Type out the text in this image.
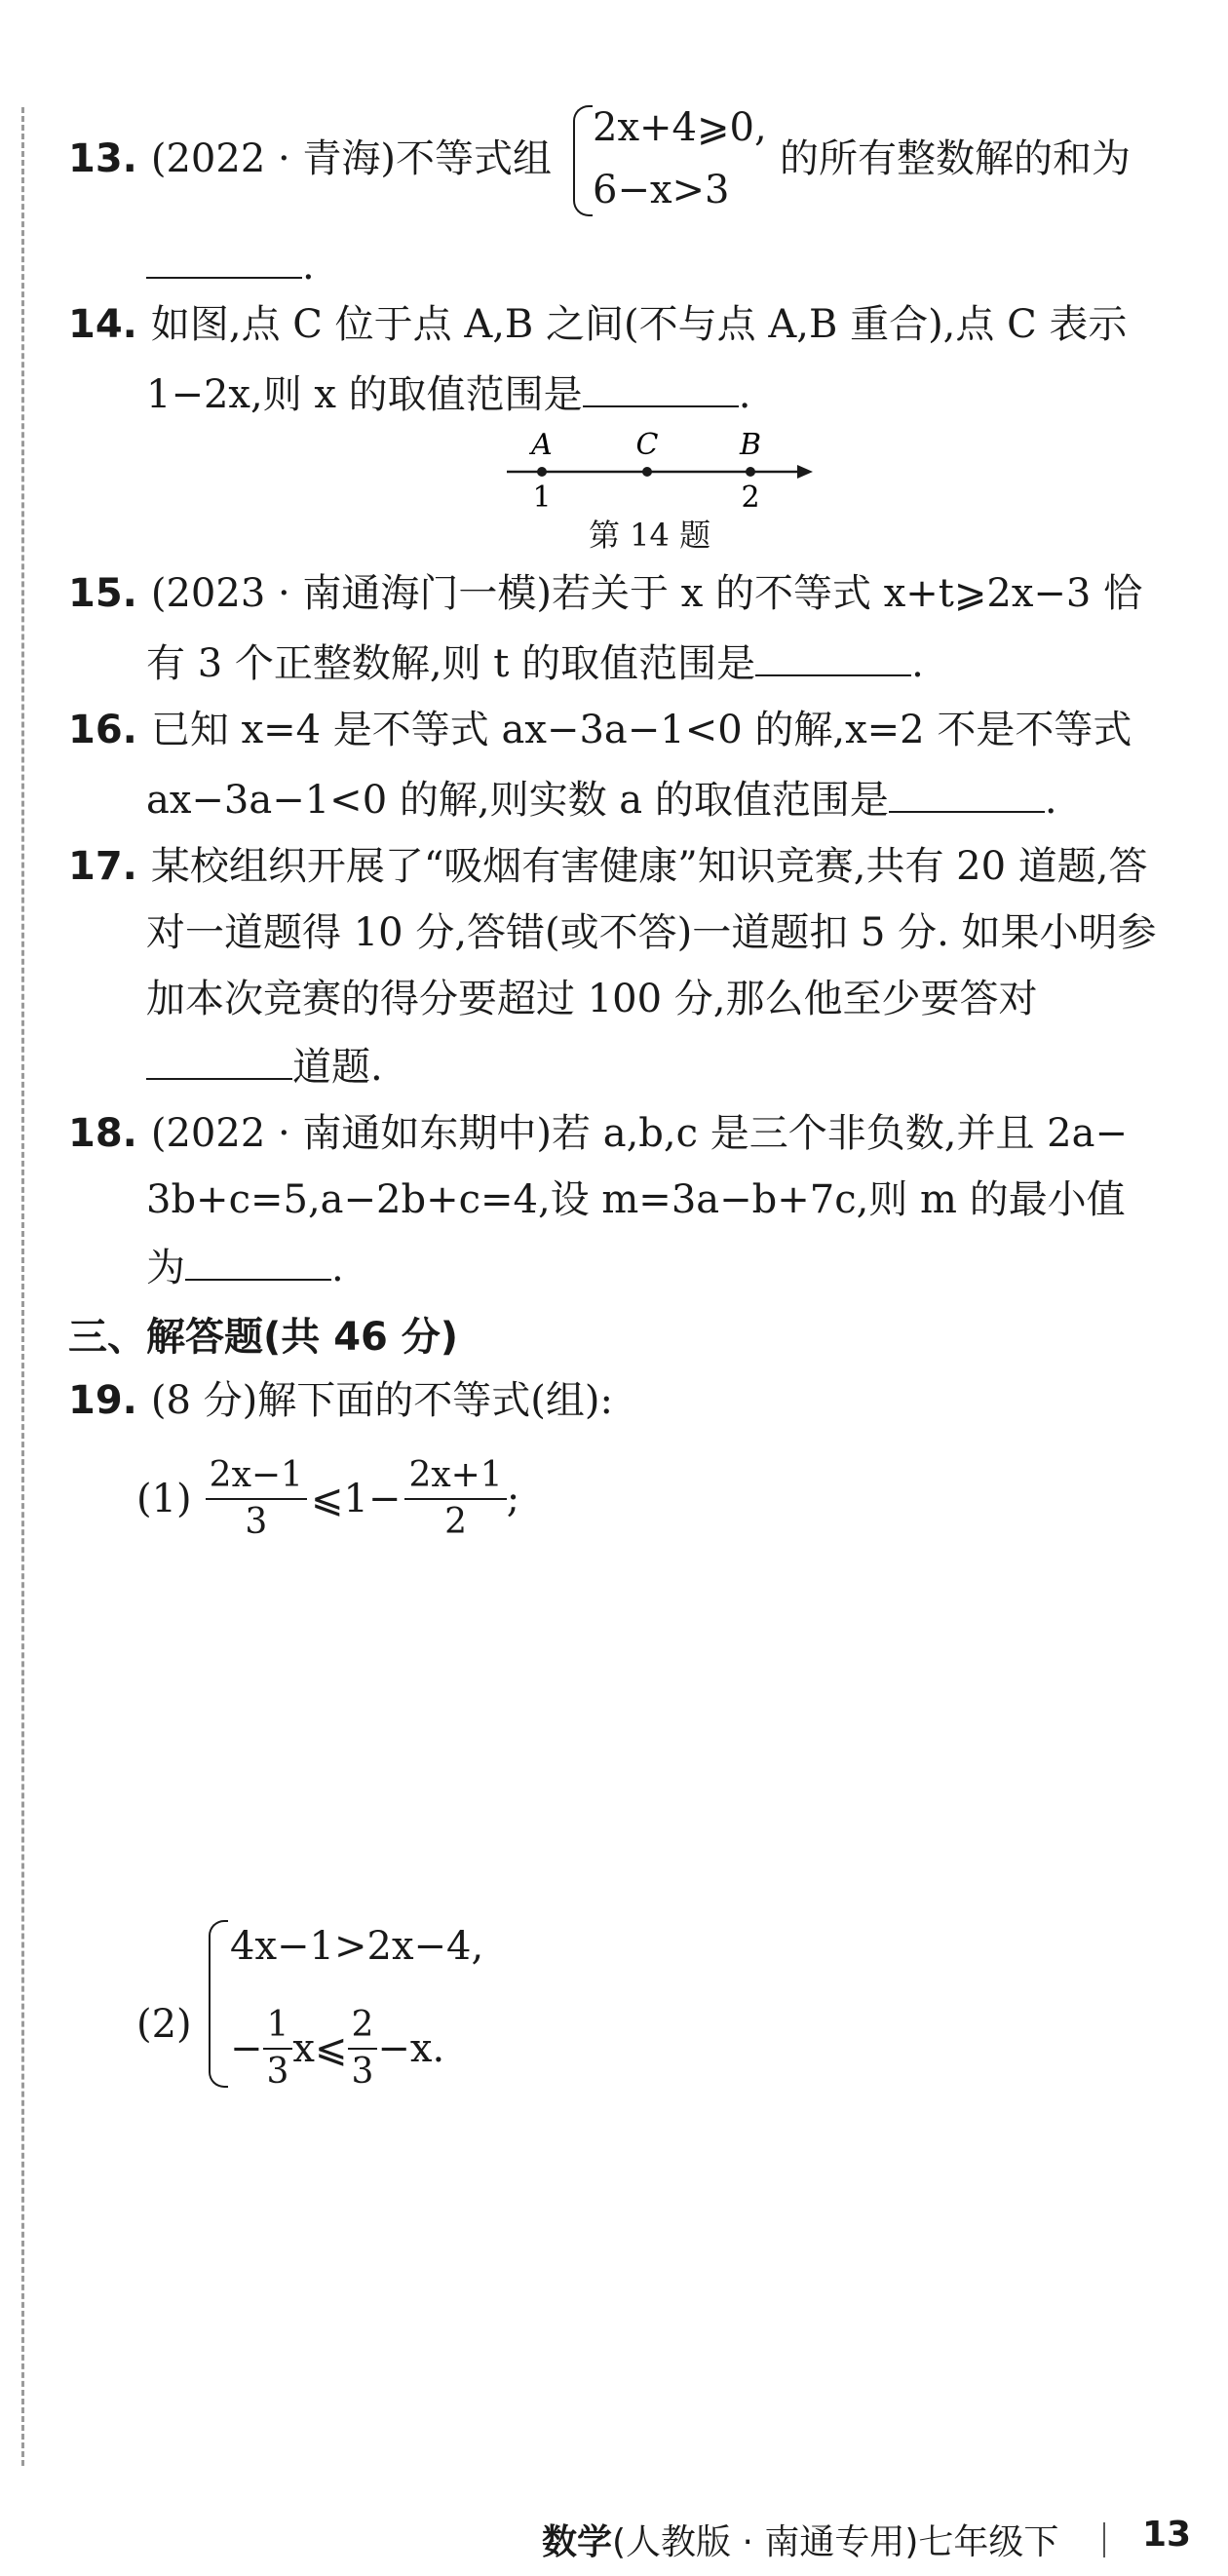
13. (2022 · 青海)不等式组
2x+4⩾0,
6−x>3
的所有整数解的和为
.
14. 如图,点 C 位于点 A,B 之间(不与点 A,B 重合),点 C 表示
1−2x,则 x 的取值范围是	.
A	C	B
1	2
第 14 题
15. (2023 · 南通海门一模)若关于 x 的不等式 x+t⩾2x−3 恰
有 3 个正整数解,则 t 的取值范围是	.
16. 已知 x=4 是不等式 ax−3a−1<0 的解,x=2 不是不等式
ax−3a−1<0 的解,则实数 a 的取值范围是	.
17. 某校组织开展了“吸烟有害健康”知识竞赛,共有 20 道题,答
对一道题得 10 分,答错(或不答)一道题扣 5 分. 如果小明参
加本次竞赛的得分要超过 100 分,那么他至少要答对
道题.
18. (2022 · 南通如东期中)若 a,b,c 是三个非负数,并且 2a−
3b+c=5,a−2b+c=4,设 m=3a−b+7c,则 m 的最小值
为	.
三、解答题(共 46 分)
19. (8 分)解下面的不等式(组):
$(1) \frac{2x-1}{3}$ ⩽1− $\frac{2x+1}{2}$ ;
(2)
4x−1>2x−4,
− $\frac{1}{3}$ x⩽ $\frac{2}{3} -x$.
数学(人教版 · 南通专用)七年级下 13
